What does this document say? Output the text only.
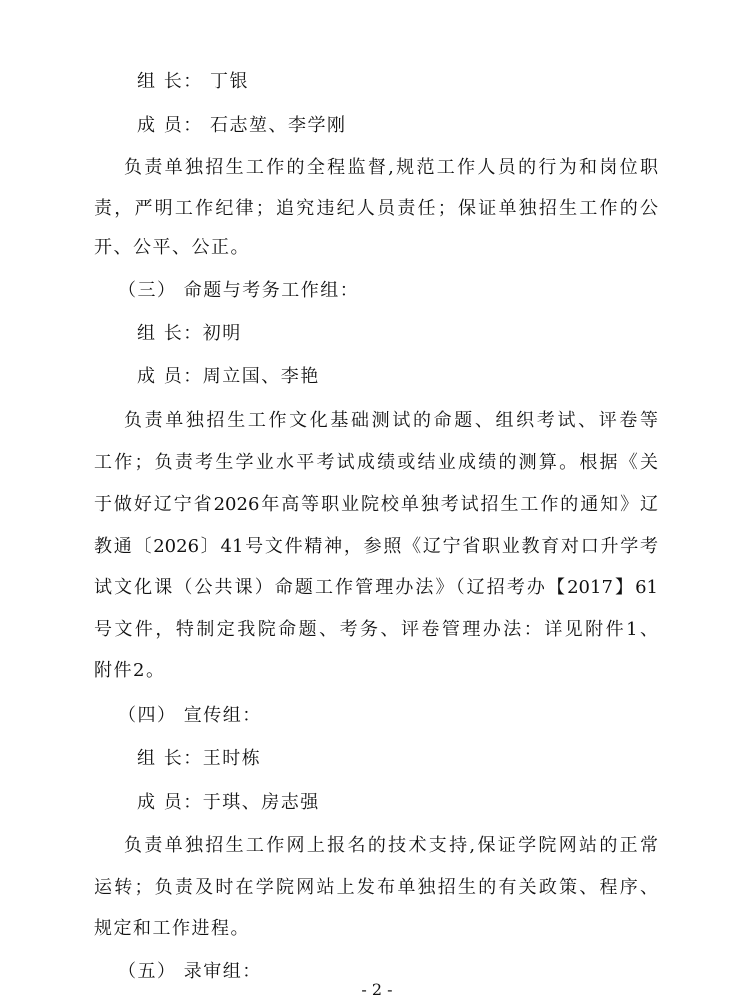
组 长： 丁银
成 员： 石志堃、李学刚
负责单独招生工作的全程监督,规范工作人员的行为和岗位职
责，严明工作纪律；追究违纪人员责任；保证单独招生工作的公
开、公平、公正。
（三） 命题与考务工作组：
组 长：初明
成 员：周立国、李艳
负责单独招生工作文化基础测试的命题、组织考试、评卷等
工作；负责考生学业水平考试成绩或结业成绩的测算。根据《关
于做好辽宁省2026年高等职业院校单独考试招生工作的通知》辽
教通〔2026〕41号文件精神，参照《辽宁省职业教育对口升学考
试文化课（公共课）命题工作管理办法》（辽招考办【2017】61
号文件，特制定我院命题、考务、评卷管理办法：详见附件1、
附件2。
（四） 宣传组：
组 长：王时栋
成 员：于琪、房志强
负责单独招生工作网上报名的技术支持,保证学院网站的正常
运转；负责及时在学院网站上发布单独招生的有关政策、程序、
规定和工作进程。
（五） 录审组：
- 2 -
